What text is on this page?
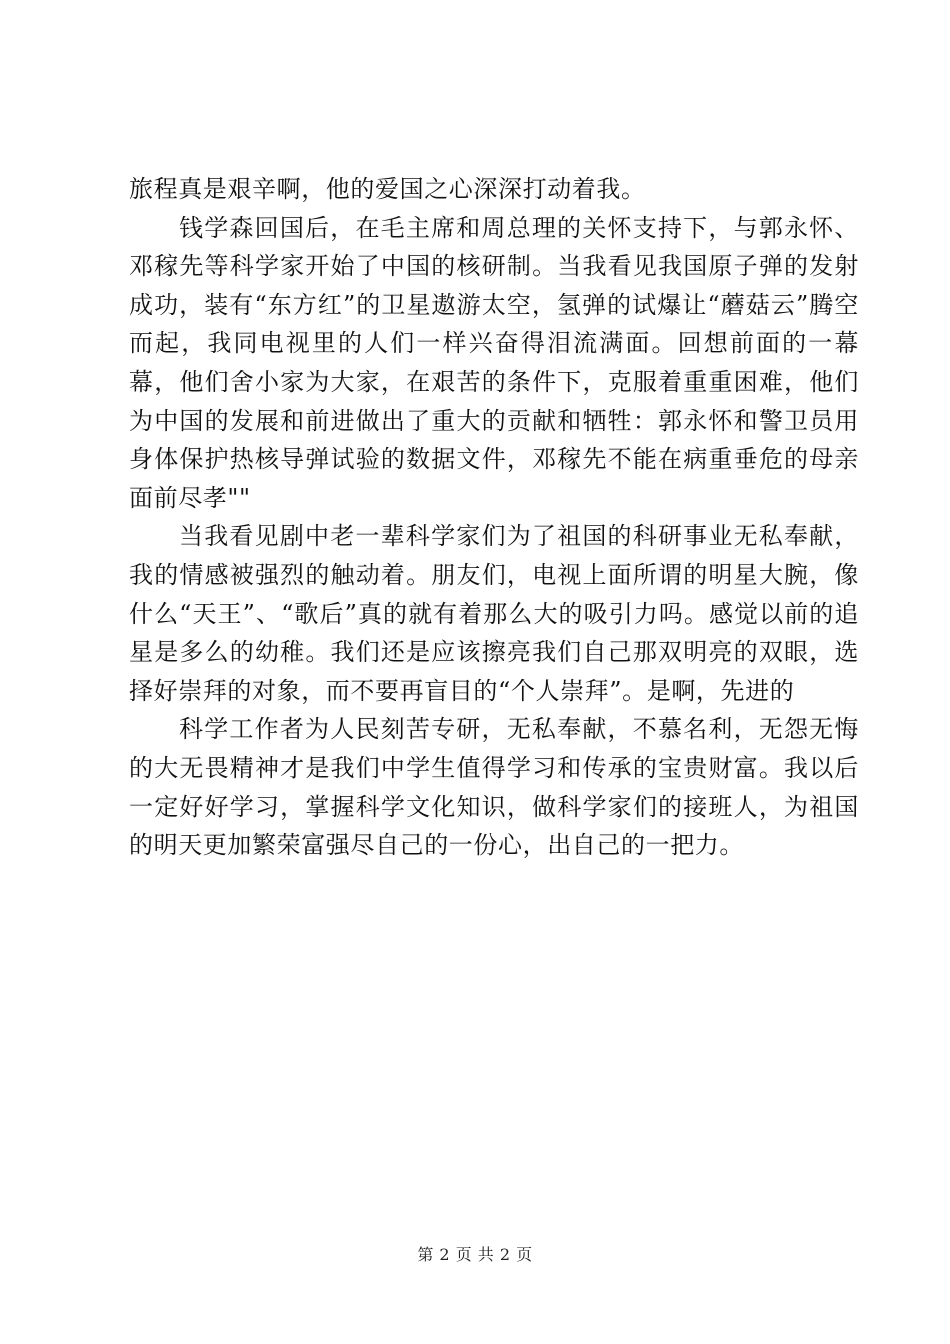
旅程真是艰辛啊，他的爱国之心深深打动着我。

钱学森回国后，在毛主席和周总理的关怀支持下，与郭永怀、邓稼先等科学家开始了中国的核研制。当我看见我国原子弹的发射成功，装有“东方红”的卫星遨游太空，氢弹的试爆让“蘑菇云”腾空而起，我同电视里的人们一样兴奋得泪流满面。回想前面的一幕幕，他们舍小家为大家，在艰苦的条件下，克服着重重困难，他们为中国的发展和前进做出了重大的贡献和牺牲：郭永怀和警卫员用身体保护热核导弹试验的数据文件，邓稼先不能在病重垂危的母亲面前尽孝""

当我看见剧中老一辈科学家们为了祖国的科研事业无私奉献，我的情感被强烈的触动着。朋友们，电视上面所谓的明星大腕，像什么“天王”、“歌后”真的就有着那么大的吸引力吗。感觉以前的追星是多么的幼稚。我们还是应该擦亮我们自己那双明亮的双眼，选择好崇拜的对象，而不要再盲目的“个人崇拜”。是啊，先进的

科学工作者为人民刻苦专研，无私奉献，不慕名利，无怨无悔的大无畏精神才是我们中学生值得学习和传承的宝贵财富。我以后一定好好学习，掌握科学文化知识，做科学家们的接班人，为祖国的明天更加繁荣富强尽自己的一份心，出自己的一把力。

第 2 页 共 2 页
